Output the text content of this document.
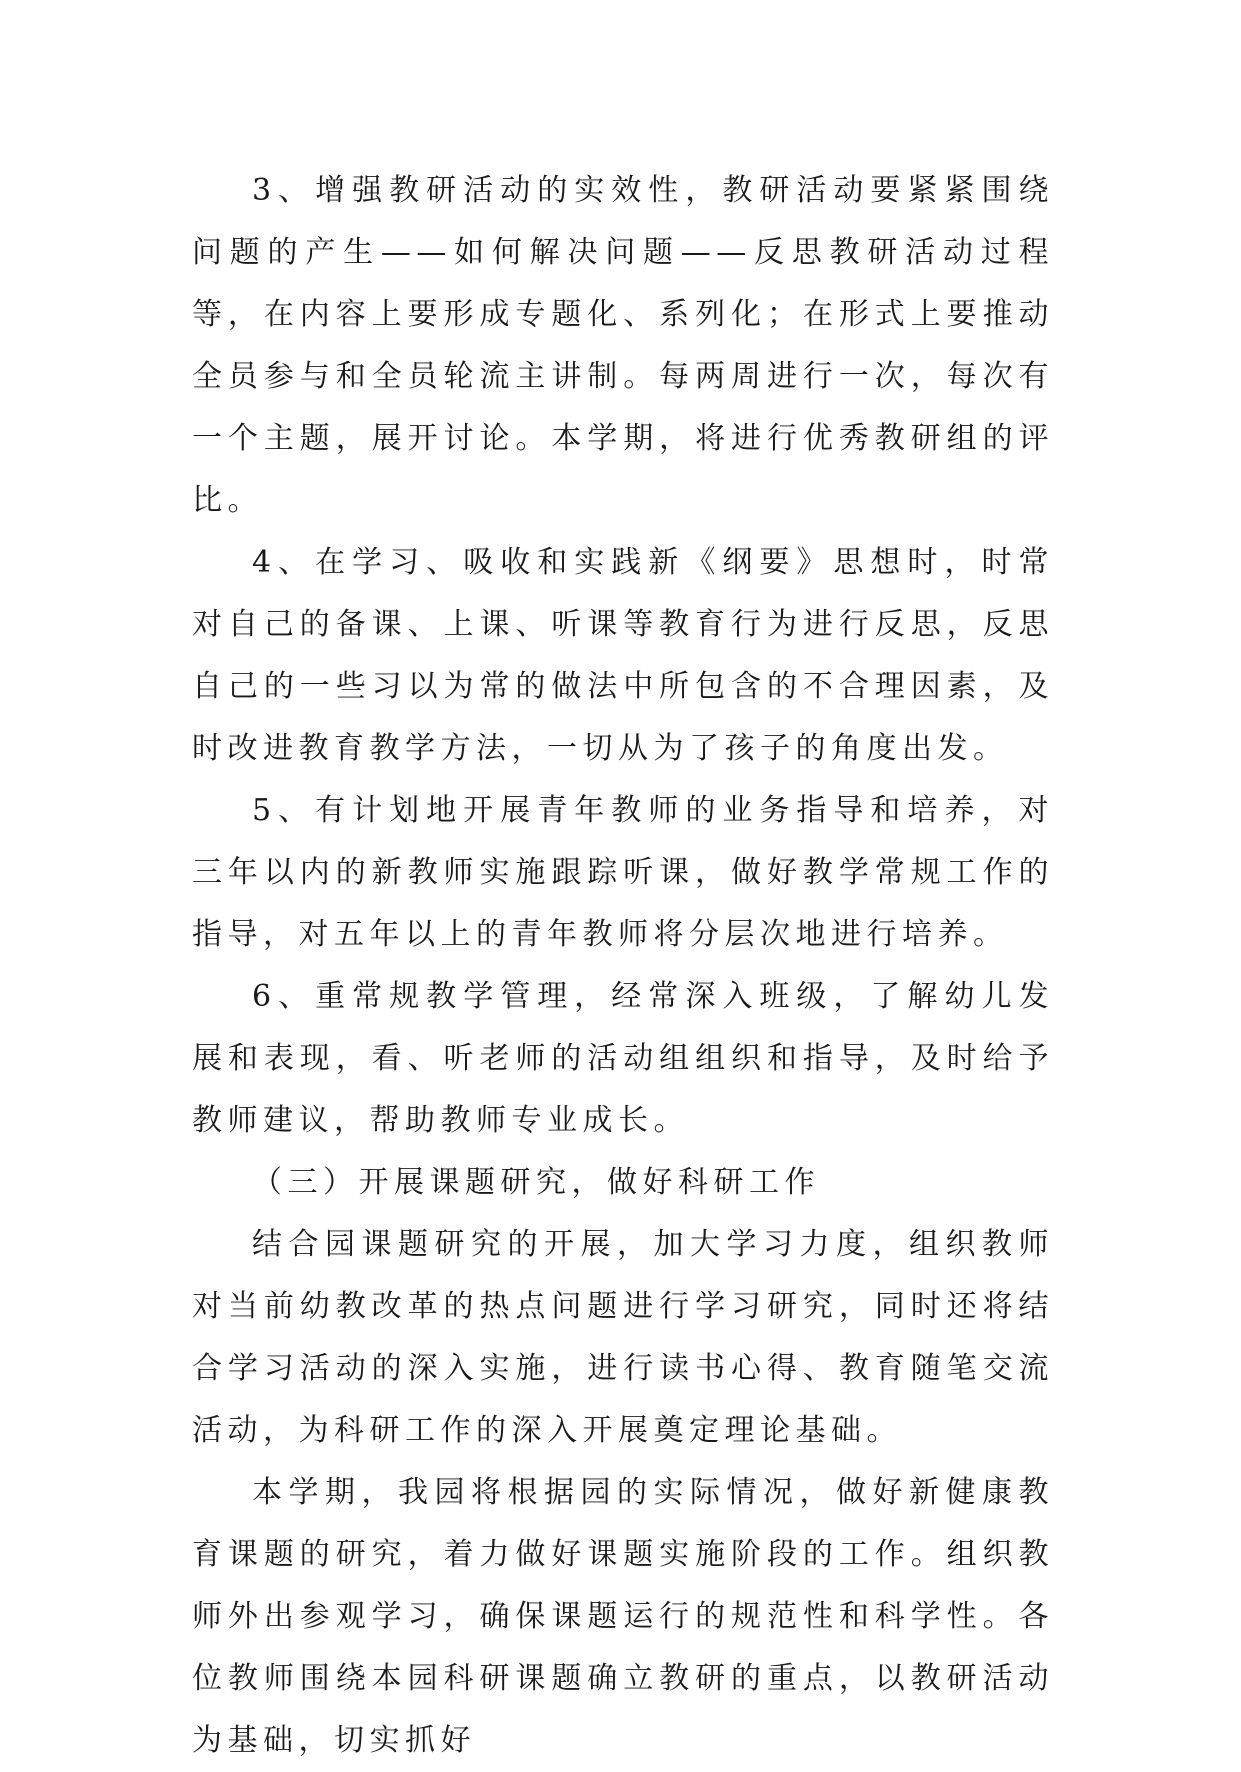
3、增强教研活动的实效性，教研活动要紧紧围绕问题的产生——如何解决问题——反思教研活动过程等，在内容上要形成专题化、系列化；在形式上要推动全员参与和全员轮流主讲制。每两周进行一次，每次有一个主题，展开讨论。本学期，将进行优秀教研组的评比。

4、在学习、吸收和实践新《纲要》思想时，时常对自己的备课、上课、听课等教育行为进行反思，反思自己的一些习以为常的做法中所包含的不合理因素，及时改进教育教学方法，一切从为了孩子的角度出发。

5、有计划地开展青年教师的业务指导和培养，对三年以内的新教师实施跟踪听课，做好教学常规工作的指导，对五年以上的青年教师将分层次地进行培养。

6、重常规教学管理，经常深入班级，了解幼儿发展和表现，看、听老师的活动组组织和指导，及时给予教师建议，帮助教师专业成长。

（三）开展课题研究，做好科研工作

结合园课题研究的开展，加大学习力度，组织教师对当前幼教改革的热点问题进行学习研究，同时还将结合学习活动的深入实施，进行读书心得、教育随笔交流活动，为科研工作的深入开展奠定理论基础。

本学期，我园将根据园的实际情况，做好新健康教育课题的研究，着力做好课题实施阶段的工作。组织教师外出参观学习，确保课题运行的规范性和科学性。各位教师围绕本园科研课题确立教研的重点，以教研活动为基础，切实抓好
